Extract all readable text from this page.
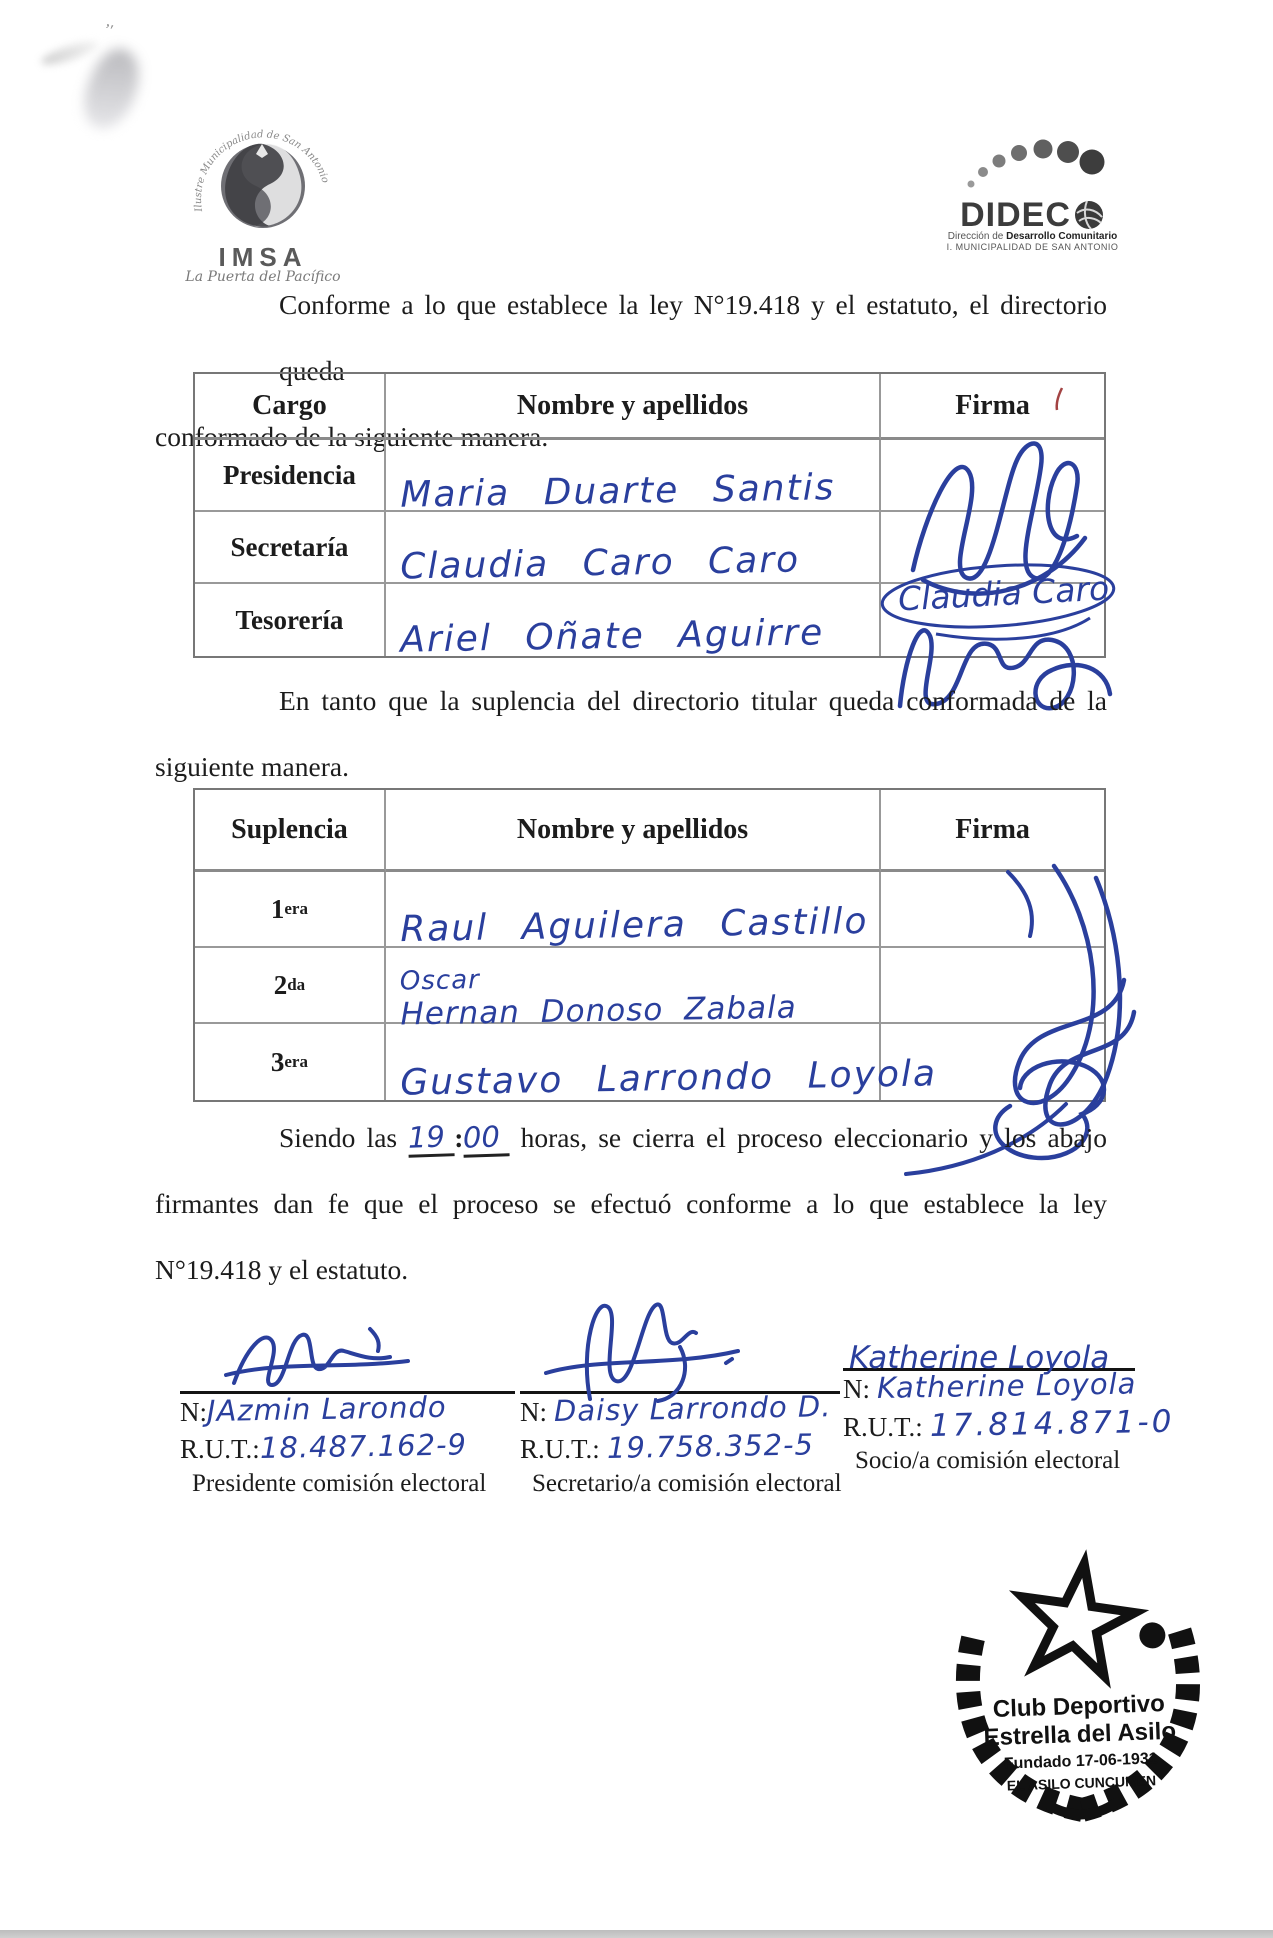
’′
Ilustre Municipalidad de San Antonio
IMSA
La Puerta del Pacífico
DIDEC
Dirección de Desarrollo Comunitario
I. MUNICIPALIDAD DE SAN ANTONIO
Conforme a lo que establece la ley N°19.418 y el estatuto, el directorio queda
conformado de la siguiente manera.
Cargo	Nombre y apellidos	Firma
Presidencia	Maria Duarte Santis
Secretaría	Claudia Caro Caro
Tesorería	Ariel Oñate Aguirre
Claudia Caro
En tanto que la suplencia del directorio titular queda conformada de la
siguiente manera.
Suplencia	Nombre y apellidos	Firma
1 era	Raul Aguilera Castillo
2 da	Oscar
Hernan Donoso Zabala
3 era	Gustavo Larrondo Loyola
Siendo las 19 :00 horas, se cierra el proceso eleccionario y los abajo
firmantes dan fe que el proceso se efectuó conforme a lo que establece la ley
N°19.418 y el estatuto.
N: JAzmin Larondo
R.U.T.: 18.487.162-9
Presidente comisión electoral
N:
Daisy Larrondo D.
R.U.T.:
19.758.352-5
Secretario/a comisión electoral
Katherine Loyola
N:
Katherine Loyola
R.U.T.:
17.814.871-0
Socio/a comisión electoral
Club Deportivo
Estrella del Asilo
Fundado 17-06-1931
EL ASILO CUNCUMEN
